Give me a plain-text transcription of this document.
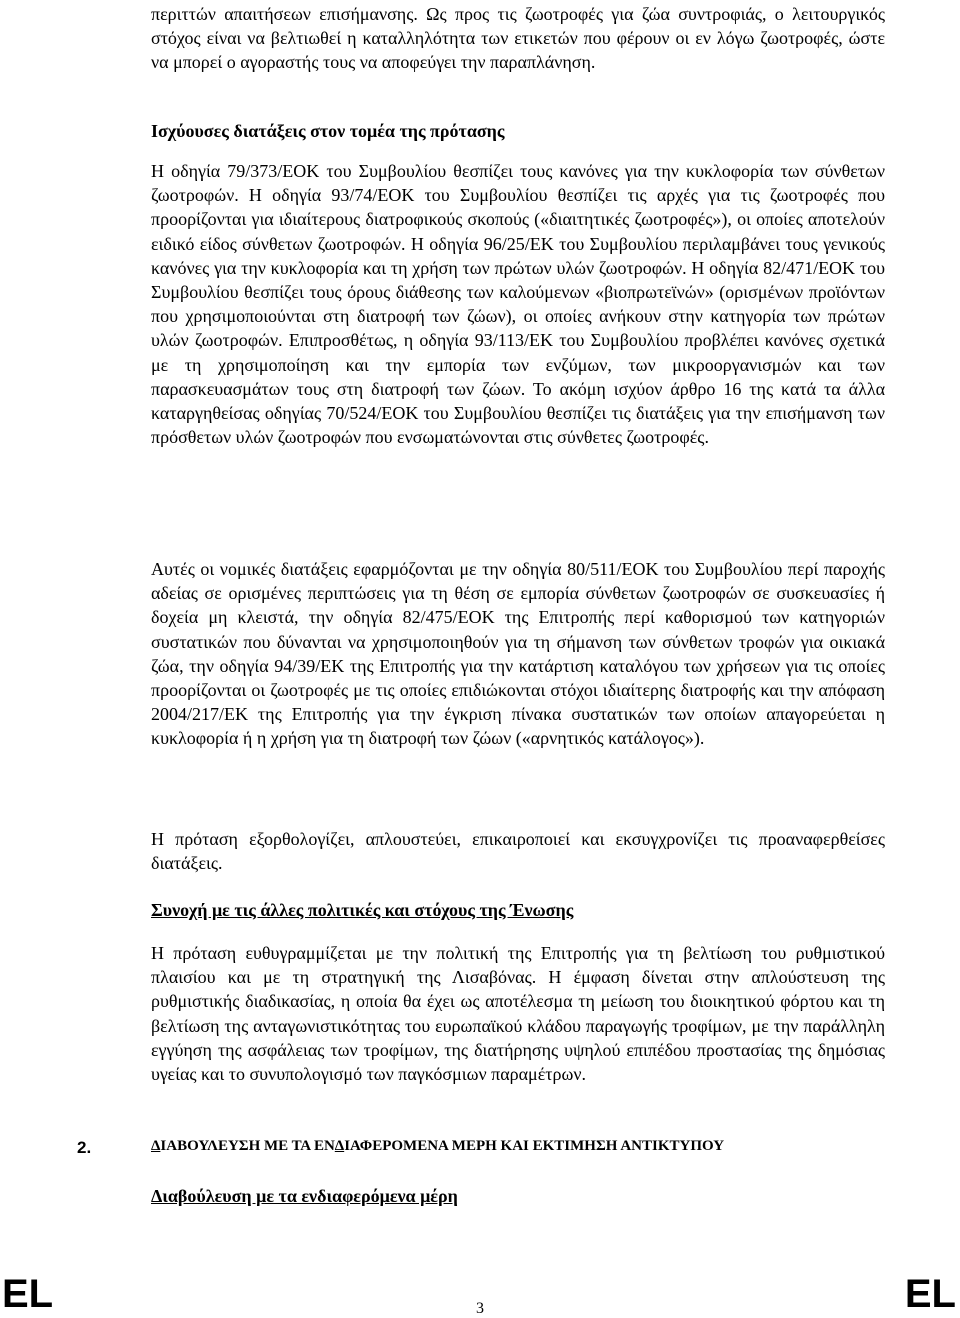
περιττών απαιτήσεων επισήμανσης. Ως προς τις ζωοτροφές για ζώα συντροφιάς, ο λειτουργικός στόχος είναι να βελτιωθεί η καταλληλότητα των ετικετών που φέρουν οι εν λόγω ζωοτροφές, ώστε να μπορεί ο αγοραστής τους να αποφεύγει την παραπλάνηση.

Ισχύουσες διατάξεις στον τομέα της πρότασης

Η οδηγία 79/373/ΕΟΚ του Συμβουλίου θεσπίζει τους κανόνες για την κυκλοφορία των σύνθετων ζωοτροφών. Η οδηγία 93/74/ΕΟΚ του Συμβουλίου θεσπίζει τις αρχές για τις ζωοτροφές που προορίζονται για ιδιαίτερους διατροφικούς σκοπούς («διαιτητικές ζωοτροφές»), οι οποίες αποτελούν ειδικό είδος σύνθετων ζωοτροφών. Η οδηγία 96/25/ΕΚ του Συμβουλίου περιλαμβάνει τους γενικούς κανόνες για την κυκλοφορία και τη χρήση των πρώτων υλών ζωοτροφών. Η οδηγία 82/471/ΕΟΚ του Συμβουλίου θεσπίζει τους όρους διάθεσης των καλούμενων «βιοπρωτεϊνών» (ορισμένων προϊόντων που χρησιμοποιούνται στη διατροφή των ζώων), οι οποίες ανήκουν στην κατηγορία των πρώτων υλών ζωοτροφών. Επιπροσθέτως, η οδηγία 93/113/ΕΚ του Συμβουλίου προβλέπει κανόνες σχετικά με τη χρησιμοποίηση και την εμπορία των ενζύμων, των μικροοργανισμών και των παρασκευασμάτων τους στη διατροφή των ζώων. Το ακόμη ισχύον άρθρο 16 της κατά τα άλλα καταργηθείσας οδηγίας 70/524/ΕΟΚ του Συμβουλίου θεσπίζει τις διατάξεις για την επισήμανση των πρόσθετων υλών ζωοτροφών που ενσωματώνονται στις σύνθετες ζωοτροφές.

Αυτές οι νομικές διατάξεις εφαρμόζονται με την οδηγία 80/511/ΕΟΚ του Συμβουλίου περί παροχής αδείας σε ορισμένες περιπτώσεις για τη θέση σε εμπορία σύνθετων ζωοτροφών σε συσκευασίες ή δοχεία μη κλειστά, την οδηγία 82/475/ΕΟΚ της Επιτροπής περί καθορισμού των κατηγοριών συστατικών που δύνανται να χρησιμοποιηθούν για τη σήμανση των σύνθετων τροφών για οικιακά ζώα, την οδηγία 94/39/ΕΚ της Επιτροπής για την κατάρτιση καταλόγου των χρήσεων για τις οποίες προορίζονται οι ζωοτροφές με τις οποίες επιδιώκονται στόχοι ιδιαίτερης διατροφής και την απόφαση 2004/217/ΕΚ της Επιτροπής για την έγκριση πίνακα συστατικών των οποίων απαγορεύεται η κυκλοφορία ή η χρήση για τη διατροφή των ζώων («αρνητικός κατάλογος»).

Η πρόταση εξορθολογίζει, απλουστεύει, επικαιροποιεί και εκσυγχρονίζει τις προαναφερθείσες διατάξεις.

Συνοχή με τις άλλες πολιτικές και στόχους της Ένωσης

Η πρόταση ευθυγραμμίζεται με την πολιτική της Επιτροπής για τη βελτίωση του ρυθμιστικού πλαισίου και με τη στρατηγική της Λισαβόνας. Η έμφαση δίνεται στην απλούστευση της ρυθμιστικής διαδικασίας, η οποία θα έχει ως αποτέλεσμα τη μείωση του διοικητικού φόρτου και τη βελτίωση της ανταγωνιστικότητας του ευρωπαϊκού κλάδου παραγωγής τροφίμων, με την παράλληλη εγγύηση της ασφάλειας των τροφίμων, της διατήρησης υψηλού επιπέδου προστασίας της δημόσιας υγείας και το συνυπολογισμό των παγκόσμιων παραμέτρων.

2.	ΔΙΑΒΟΥΛΕΥΣΗ ΜΕ ΤΑ ΕΝΔΙΑΦΕΡΟΜΕΝΑ ΜΕΡΗ ΚΑΙ ΕΚΤΙΜΗΣΗ ΑΝΤΙΚΤΥΠΟΥ
Διαβούλευση με τα ενδιαφερόμενα μέρη
EL	3	EL
